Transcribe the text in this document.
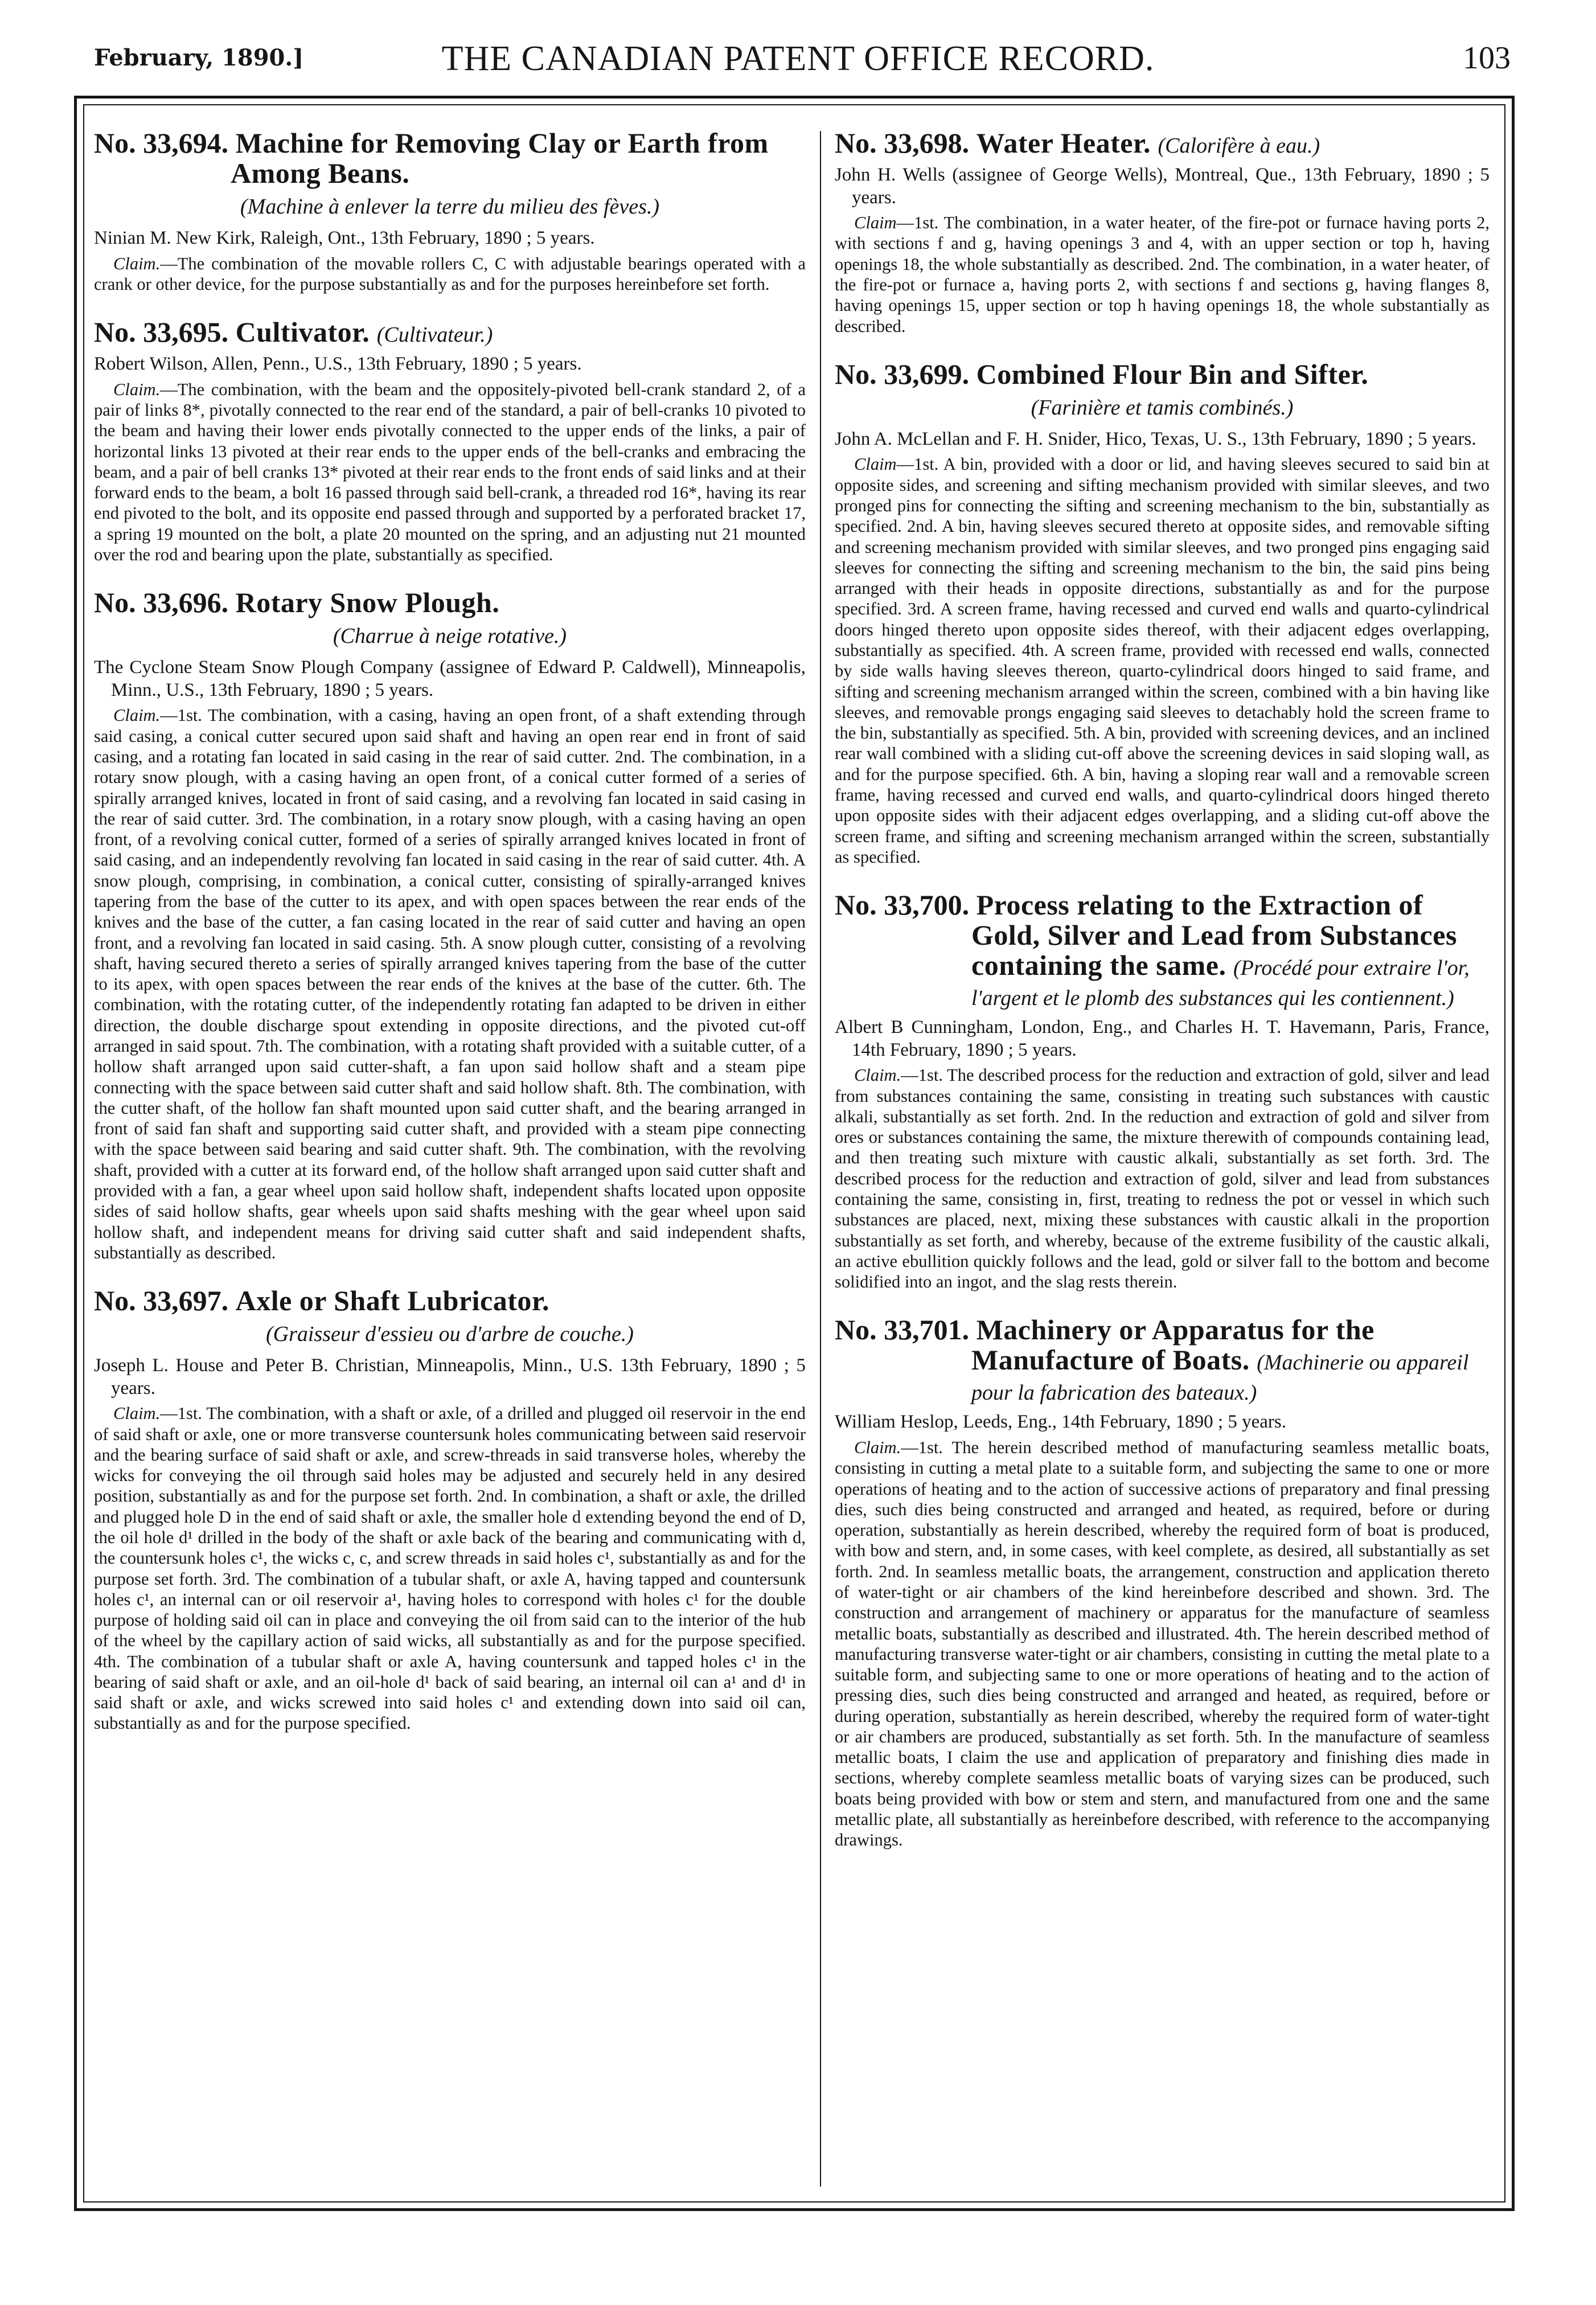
February, 1890.]	THE CANADIAN PATENT OFFICE RECORD.	103
No. 33,694. Machine for Removing Clay or Earth from Among Beans.
(Machine à enlever la terre du milieu des fèves.)
Ninian M. New Kirk, Raleigh, Ont., 13th February, 1890 ; 5 years.
Claim.—The combination of the movable rollers C, C with adjustable bearings operated with a crank or other device, for the purpose substantially as and for the purposes hereinbefore set forth.
No. 33,695. Cultivator. (Cultivateur.)
Robert Wilson, Allen, Penn., U.S., 13th February, 1890 ; 5 years.
Claim.—The combination, with the beam and the oppositely-pivoted bell-crank standard 2, of a pair of links 8*, pivotally connected to the rear end of the standard, a pair of bell-cranks 10 pivoted to the beam and having their lower ends pivotally connected to the upper ends of the links, a pair of horizontal links 13 pivoted at their rear ends to the upper ends of the bell-cranks and embracing the beam, and a pair of bell cranks 13* pivoted at their rear ends to the front ends of said links and at their forward ends to the beam, a bolt 16 passed through said bell-crank, a threaded rod 16*, having its rear end pivoted to the bolt, and its opposite end passed through and supported by a perforated bracket 17, a spring 19 mounted on the bolt, a plate 20 mounted on the spring, and an adjusting nut 21 mounted over the rod and bearing upon the plate, substantially as specified.
No. 33,696. Rotary Snow Plough.
(Charrue à neige rotative.)
The Cyclone Steam Snow Plough Company (assignee of Edward P. Caldwell), Minneapolis, Minn., U.S., 13th February, 1890 ; 5 years.
Claim.—1st. The combination, with a casing, having an open front, of a shaft extending through said casing, a conical cutter secured upon said shaft and having an open rear end in front of said casing, and a rotating fan located in said casing in the rear of said cutter. 2nd. The combination, in a rotary snow plough, with a casing having an open front, of a conical cutter formed of a series of spirally arranged knives, located in front of said casing, and a revolving fan located in said casing in the rear of said cutter. 3rd. The combination, in a rotary snow plough, with a casing having an open front, of a revolving conical cutter, formed of a series of spirally arranged knives located in front of said casing, and an independently revolving fan located in said casing in the rear of said cutter. 4th. A snow plough, comprising, in combination, a conical cutter, consisting of spirally-arranged knives tapering from the base of the cutter to its apex, and with open spaces between the rear ends of the knives and the base of the cutter, a fan casing located in the rear of said cutter and having an open front, and a revolving fan located in said casing. 5th. A snow plough cutter, consisting of a revolving shaft, having secured thereto a series of spirally arranged knives tapering from the base of the cutter to its apex, with open spaces between the rear ends of the knives at the base of the cutter. 6th. The combination, with the rotating cutter, of the independently rotating fan adapted to be driven in either direction, the double discharge spout extending in opposite directions, and the pivoted cut-off arranged in said spout. 7th. The combination, with a rotating shaft provided with a suitable cutter, of a hollow shaft arranged upon said cutter-shaft, a fan upon said hollow shaft and a steam pipe connecting with the space between said cutter shaft and said hollow shaft. 8th. The combination, with the cutter shaft, of the hollow fan shaft mounted upon said cutter shaft, and the bearing arranged in front of said fan shaft and supporting said cutter shaft, and provided with a steam pipe connecting with the space between said bearing and said cutter shaft. 9th. The combination, with the revolving shaft, provided with a cutter at its forward end, of the hollow shaft arranged upon said cutter shaft and provided with a fan, a gear wheel upon said hollow shaft, independent shafts located upon opposite sides of said hollow shafts, gear wheels upon said shafts meshing with the gear wheel upon said hollow shaft, and independent means for driving said cutter shaft and said independent shafts, substantially as described.
No. 33,697. Axle or Shaft Lubricator.
(Graisseur d'essieu ou d'arbre de couche.)
Joseph L. House and Peter B. Christian, Minneapolis, Minn., U.S. 13th February, 1890 ; 5 years.
Claim.—1st. The combination, with a shaft or axle, of a drilled and plugged oil reservoir in the end of said shaft or axle, one or more transverse countersunk holes communicating between said reservoir and the bearing surface of said shaft or axle, and screw-threads in said transverse holes, whereby the wicks for conveying the oil through said holes may be adjusted and securely held in any desired position, substantially as and for the purpose set forth. 2nd. In combination, a shaft or axle, the drilled and plugged hole D in the end of said shaft or axle, the smaller hole d extending beyond the end of D, the oil hole d¹ drilled in the body of the shaft or axle back of the bearing and communicating with d, the countersunk holes c¹, the wicks c, c, and screw threads in said holes c¹, substantially as and for the purpose set forth. 3rd. The combination of a tubular shaft, or axle A, having tapped and countersunk holes c¹, an internal can or oil reservoir a¹, having holes to correspond with holes c¹ for the double purpose of holding said oil can in place and conveying the oil from said can to the interior of the hub of the wheel by the capillary action of said wicks, all substantially as and for the purpose specified. 4th. The combination of a tubular shaft or axle A, having countersunk and tapped holes c¹ in the bearing of said shaft or axle, and an oil-hole d¹ back of said bearing, an internal oil can a¹ and d¹ in said shaft or axle, and wicks screwed into said holes c¹ and extending down into said oil can, substantially as and for the purpose specified.
No. 33,698. Water Heater. (Calorifère à eau.)
John H. Wells (assignee of George Wells), Montreal, Que., 13th February, 1890 ; 5 years.
Claim—1st. The combination, in a water heater, of the fire-pot or furnace having ports 2, with sections f and g, having openings 3 and 4, with an upper section or top h, having openings 18, the whole substantially as described. 2nd. The combination, in a water heater, of the fire-pot or furnace a, having ports 2, with sections f and sections g, having flanges 8, having openings 15, upper section or top h having openings 18, the whole substantially as described.
No. 33,699. Combined Flour Bin and Sifter.
(Farinière et tamis combinés.)
John A. McLellan and F. H. Snider, Hico, Texas, U. S., 13th February, 1890 ; 5 years.
Claim—1st. A bin, provided with a door or lid, and having sleeves secured to said bin at opposite sides, and screening and sifting mechanism provided with similar sleeves, and two pronged pins for connecting the sifting and screening mechanism to the bin, substantially as specified. 2nd. A bin, having sleeves secured thereto at opposite sides, and removable sifting and screening mechanism provided with similar sleeves, and two pronged pins engaging said sleeves for connecting the sifting and screening mechanism to the bin, the said pins being arranged with their heads in opposite directions, substantially as and for the purpose specified. 3rd. A screen frame, having recessed and curved end walls and quarto-cylindrical doors hinged thereto upon opposite sides thereof, with their adjacent edges overlapping, substantially as specified. 4th. A screen frame, provided with recessed end walls, connected by side walls having sleeves thereon, quarto-cylindrical doors hinged to said frame, and sifting and screening mechanism arranged within the screen, combined with a bin having like sleeves, and removable prongs engaging said sleeves to detachably hold the screen frame to the bin, substantially as specified. 5th. A bin, provided with screening devices, and an inclined rear wall combined with a sliding cut-off above the screening devices in said sloping wall, as and for the purpose specified. 6th. A bin, having a sloping rear wall and a removable screen frame, having recessed and curved end walls, and quarto-cylindrical doors hinged thereto upon opposite sides with their adjacent edges overlapping, and a sliding cut-off above the screen frame, and sifting and screening mechanism arranged within the screen, substantially as specified.
No. 33,700. Process relating to the Extraction of Gold, Silver and Lead from Substances containing the same. (Procédé pour extraire l'or, l'argent et le plomb des substances qui les contiennent.)
Albert B Cunningham, London, Eng., and Charles H. T. Havemann, Paris, France, 14th February, 1890 ; 5 years.
Claim.—1st. The described process for the reduction and extraction of gold, silver and lead from substances containing the same, consisting in treating such substances with caustic alkali, substantially as set forth. 2nd. In the reduction and extraction of gold and silver from ores or substances containing the same, the mixture therewith of compounds containing lead, and then treating such mixture with caustic alkali, substantially as set forth. 3rd. The described process for the reduction and extraction of gold, silver and lead from substances containing the same, consisting in, first, treating to redness the pot or vessel in which such substances are placed, next, mixing these substances with caustic alkali in the proportion substantially as set forth, and whereby, because of the extreme fusibility of the caustic alkali, an active ebullition quickly follows and the lead, gold or silver fall to the bottom and become solidified into an ingot, and the slag rests therein.
No. 33,701. Machinery or Apparatus for the Manufacture of Boats. (Machinerie ou appareil pour la fabrication des bateaux.)
William Heslop, Leeds, Eng., 14th February, 1890 ; 5 years.
Claim.—1st. The herein described method of manufacturing seamless metallic boats, consisting in cutting a metal plate to a suitable form, and subjecting the same to one or more operations of heating and to the action of successive actions of preparatory and final pressing dies, such dies being constructed and arranged and heated, as required, before or during operation, substantially as herein described, whereby the required form of boat is produced, with bow and stern, and, in some cases, with keel complete, as desired, all substantially as set forth. 2nd. In seamless metallic boats, the arrangement, construction and application thereto of water-tight or air chambers of the kind hereinbefore described and shown. 3rd. The construction and arrangement of machinery or apparatus for the manufacture of seamless metallic boats, substantially as described and illustrated. 4th. The herein described method of manufacturing transverse water-tight or air chambers, consisting in cutting the metal plate to a suitable form, and subjecting same to one or more operations of heating and to the action of pressing dies, such dies being constructed and arranged and heated, as required, before or during operation, substantially as herein described, whereby the required form of water-tight or air chambers are produced, substantially as set forth. 5th. In the manufacture of seamless metallic boats, I claim the use and application of preparatory and finishing dies made in sections, whereby complete seamless metallic boats of varying sizes can be produced, such boats being provided with bow or stem and stern, and manufactured from one and the same metallic plate, all substantially as hereinbefore described, with reference to the accompanying drawings.
